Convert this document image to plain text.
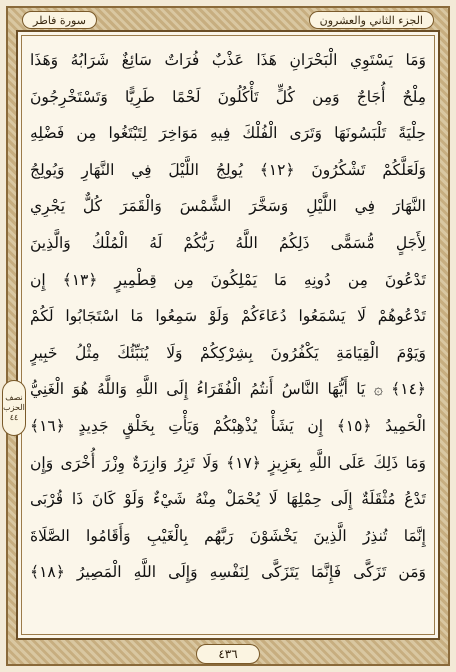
سورة فاطر	الجزء الثاني والعشرون
نصف
الحزب
٤٤
وَمَا يَسْتَوِي الْبَحْرَانِ هَذَا عَذْبٌ فُرَاتٌ سَائِغٌ شَرَابُهُ وَهَذَا
مِلْحٌ أُجَاجٌ وَمِن كُلٍّ تَأْكُلُونَ لَحْمًا طَرِيًّا وَتَسْتَخْرِجُونَ
حِلْيَةً تَلْبَسُونَهَا وَتَرَى الْفُلْكَ فِيهِ مَوَاخِرَ لِتَبْتَغُوا مِن فَضْلِهِ
وَلَعَلَّكُمْ تَشْكُرُونَ ﴿١٢﴾ يُولِجُ اللَّيْلَ فِي النَّهَارِ وَيُولِجُ
النَّهَارَ فِي اللَّيْلِ وَسَخَّرَ الشَّمْسَ وَالْقَمَرَ كُلٌّ يَجْرِي
لِأَجَلٍ مُّسَمًّى ذَلِكُمُ اللَّهُ رَبُّكُمْ لَهُ الْمُلْكُ وَالَّذِينَ
تَدْعُونَ مِن دُونِهِ مَا يَمْلِكُونَ مِن قِطْمِيرٍ ﴿١٣﴾ إِن
تَدْعُوهُمْ لَا يَسْمَعُوا دُعَاءَكُمْ وَلَوْ سَمِعُوا مَا اسْتَجَابُوا لَكُمْ
وَيَوْمَ الْقِيَامَةِ يَكْفُرُونَ بِشِرْكِكُمْ وَلَا يُنَبِّئُكَ مِثْلُ خَبِيرٍ
﴿١٤﴾ ۞ يَا أَيُّهَا النَّاسُ أَنتُمُ الْفُقَرَاءُ إِلَى اللَّهِ وَاللَّهُ هُوَ الْغَنِيُّ
الْحَمِيدُ ﴿١٥﴾ إِن يَشَأْ يُذْهِبْكُمْ وَيَأْتِ بِخَلْقٍ جَدِيدٍ ﴿١٦﴾
وَمَا ذَلِكَ عَلَى اللَّهِ بِعَزِيزٍ ﴿١٧﴾ وَلَا تَزِرُ وَازِرَةٌ وِزْرَ أُخْرَى وَإِن
تَدْعُ مُثْقَلَةٌ إِلَى حِمْلِهَا لَا يُحْمَلْ مِنْهُ شَيْءٌ وَلَوْ كَانَ ذَا قُرْبَى
إِنَّمَا تُنذِرُ الَّذِينَ يَخْشَوْنَ رَبَّهُم بِالْغَيْبِ وَأَقَامُوا الصَّلَاةَ
وَمَن تَزَكَّى فَإِنَّمَا يَتَزَكَّى لِنَفْسِهِ وَإِلَى اللَّهِ الْمَصِيرُ ﴿١٨﴾
٤٣٦
